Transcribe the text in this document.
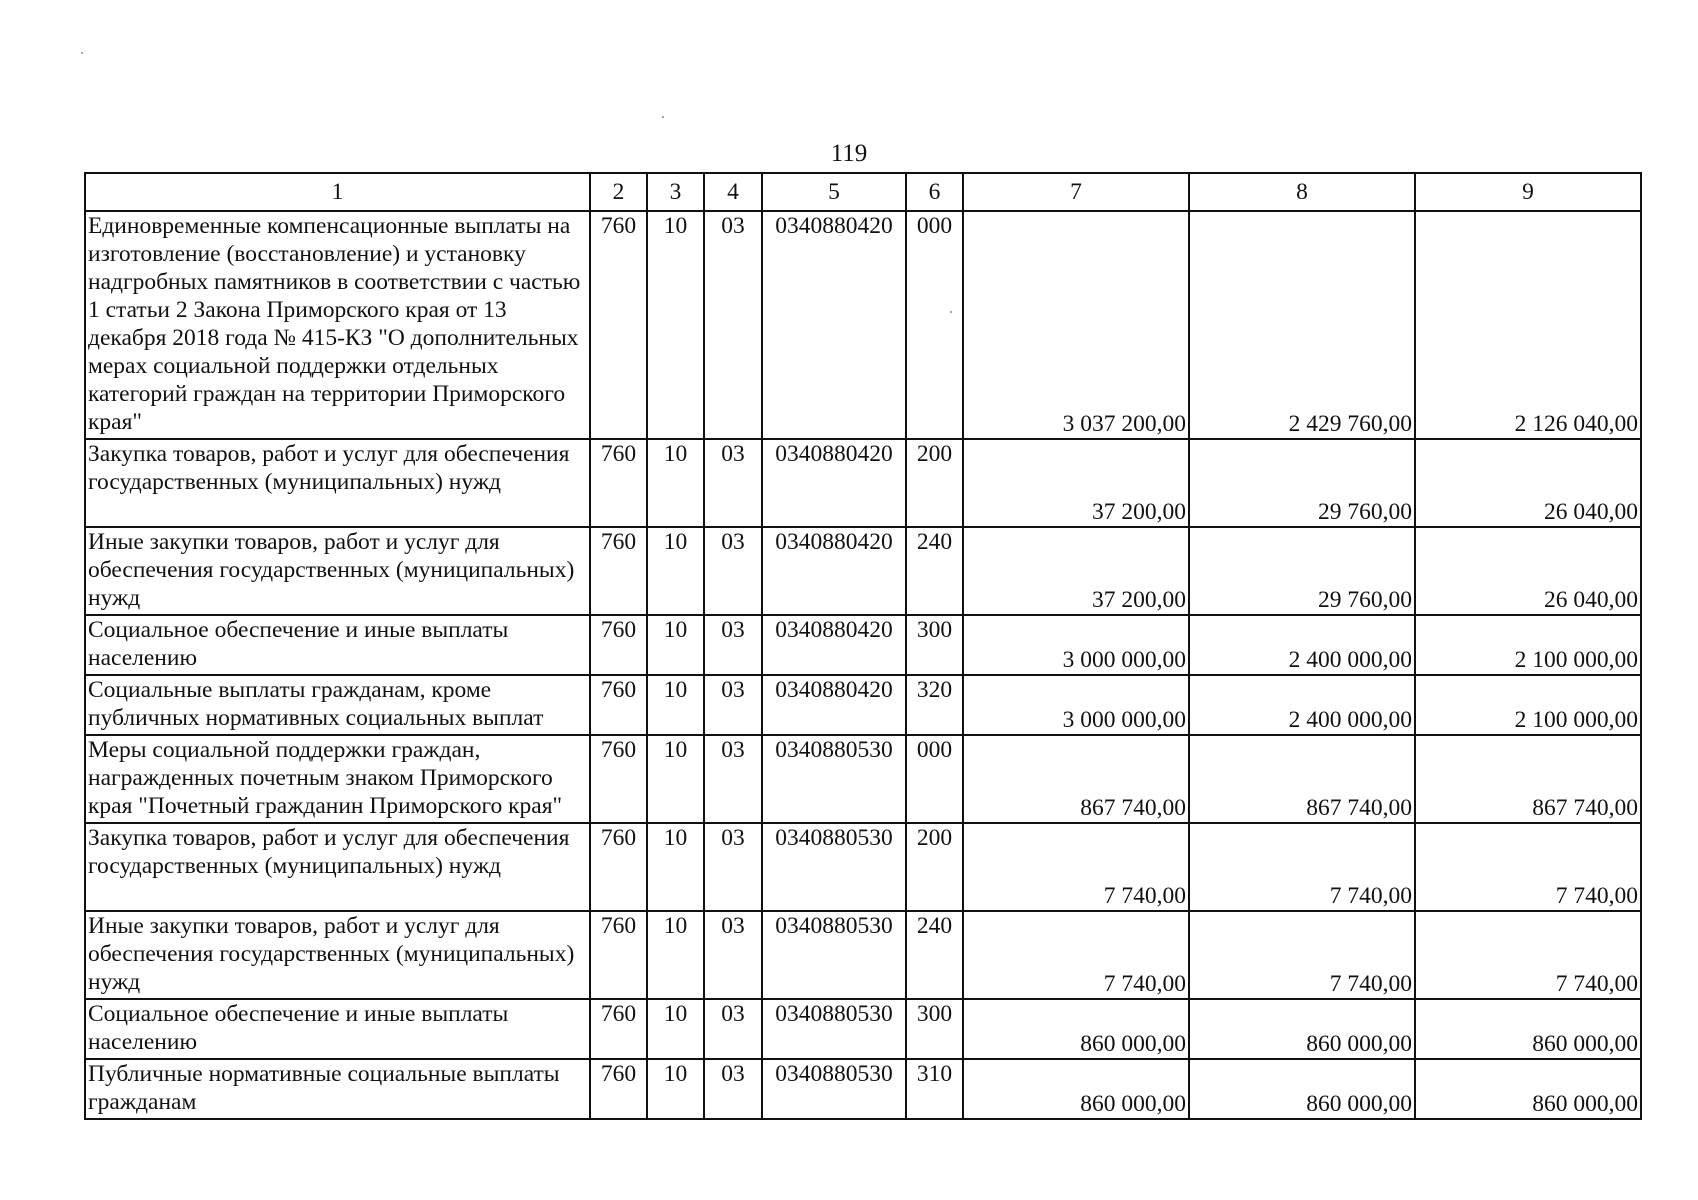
119
1	2	3	4	5	6	7	8	9
Единовременные компенсационные выплаты на изготовление (восстановление) и установку надгробных памятников в соответствии с частью 1 статьи 2 Закона Приморского края от 13 декабря 2018 года № 415-КЗ "О дополнительных мерах социальной поддержки отдельных категорий граждан на территории Приморского края"	760	10	03	0340880420	000	3 037 200,00	2 429 760,00	2 126 040,00
Закупка товаров, работ и услуг для обеспечения государственных (муниципальных) нужд	760	10	03	0340880420	200	37 200,00	29 760,00	26 040,00
Иные закупки товаров, работ и услуг для обеспечения государственных (муниципальных) нужд	760	10	03	0340880420	240	37 200,00	29 760,00	26 040,00
Социальное обеспечение и иные выплаты населению	760	10	03	0340880420	300	3 000 000,00	2 400 000,00	2 100 000,00
Социальные выплаты гражданам, кроме публичных нормативных социальных выплат	760	10	03	0340880420	320	3 000 000,00	2 400 000,00	2 100 000,00
Меры социальной поддержки граждан, награжденных почетным знаком Приморского края "Почетный гражданин Приморского края"	760	10	03	0340880530	000	867 740,00	867 740,00	867 740,00
Закупка товаров, работ и услуг для обеспечения государственных (муниципальных) нужд	760	10	03	0340880530	200	7 740,00	7 740,00	7 740,00
Иные закупки товаров, работ и услуг для обеспечения государственных (муниципальных) нужд	760	10	03	0340880530	240	7 740,00	7 740,00	7 740,00
Социальное обеспечение и иные выплаты населению	760	10	03	0340880530	300	860 000,00	860 000,00	860 000,00
Публичные нормативные социальные выплаты гражданам	760	10	03	0340880530	310	860 000,00	860 000,00	860 000,00
